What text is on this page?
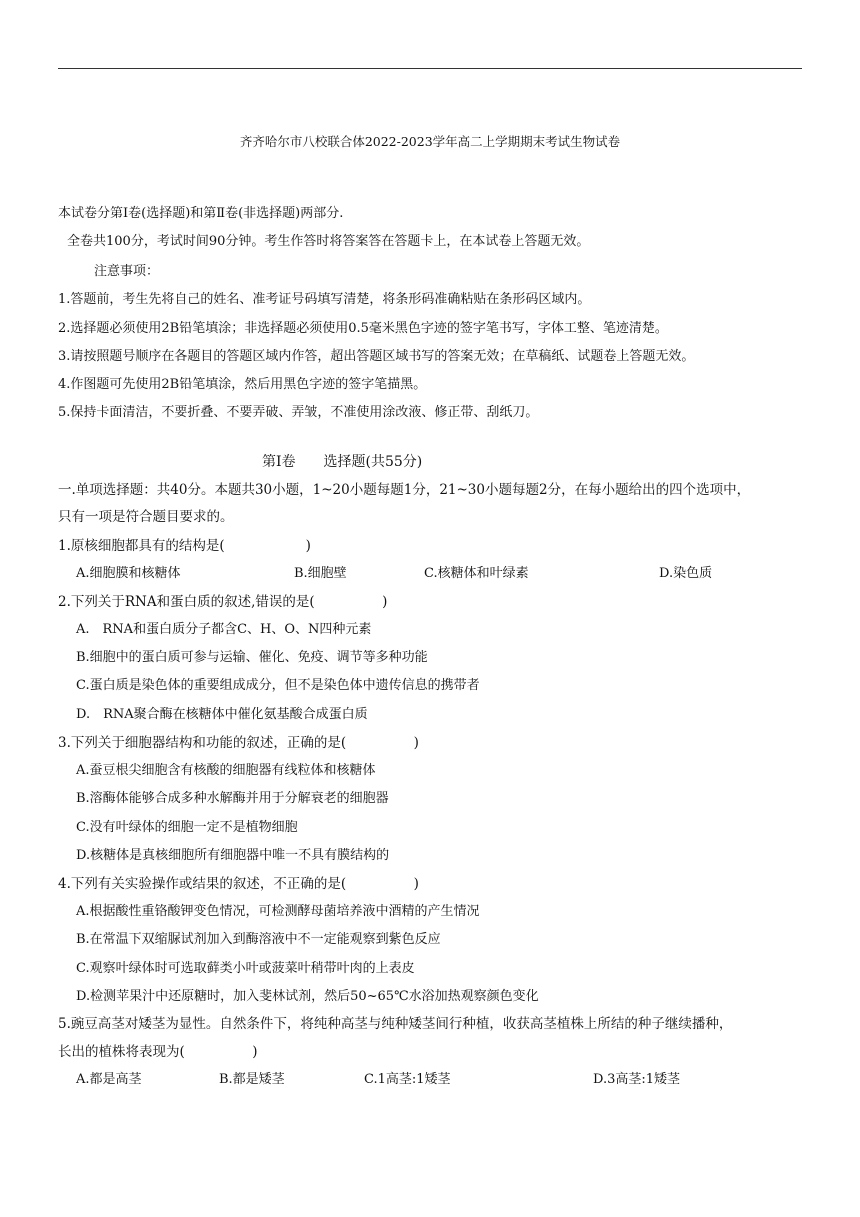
齐齐哈尔市八校联合体2022-2023学年高二上学期期末考试生物试卷
本试卷分第Ⅰ卷(选择题)和第Ⅱ卷(非选择题)两部分.
全卷共100分，考试时间90分钟。考生作答时将答案答在答题卡上，在本试卷上答题无效。
注意事项：
1.答题前，考生先将自己的姓名、准考证号码填写清楚，将条形码准确粘贴在条形码区域内。
2.选择题必须使用2B铅笔填涂；非选择题必须使用0.5毫米黑色字迹的签字笔书写，字体工整、笔迹清楚。
3.请按照题号顺序在各题目的答题区域内作答，超出答题区域书写的答案无效；在草稿纸、试题卷上答题无效。
4.作图题可先使用2B铅笔填涂，然后用黑色字迹的签字笔描黑。
5.保持卡面清洁，不要折叠、不要弄破、弄皱，不准使用涂改液、修正带、刮纸刀。
第Ⅰ卷　　选择题(共55分)
一.单项选择题：共40分。本题共30小题，1~20小题每题1分，21~30小题每题2分，在每小题给出的四个选项中，
只有一项是符合题目要求的。
1.原核细胞都具有的结构是(　　　　　　)
A.细胞膜和核糖体	B.细胞壁	C.核糖体和叶绿素	D.染色质
2.下列关于RNA和蛋白质的叙述,错误的是(　　　　　)
A.　RNA和蛋白质分子都含C、H、O、N四种元素
B.细胞中的蛋白质可参与运输、催化、免疫、调节等多种功能
C.蛋白质是染色体的重要组成成分，但不是染色体中遗传信息的携带者
D.　RNA聚合酶在核糖体中催化氨基酸合成蛋白质
3.下列关于细胞器结构和功能的叙述，正确的是(　　　　　)
A.蚕豆根尖细胞含有核酸的细胞器有线粒体和核糖体
B.溶酶体能够合成多种水解酶并用于分解衰老的细胞器
C.没有叶绿体的细胞一定不是植物细胞
D.核糖体是真核细胞所有细胞器中唯一不具有膜结构的
4.下列有关实验操作或结果的叙述，不正确的是(　　　　　)
A.根据酸性重铬酸钾变色情况，可检测酵母菌培养液中酒精的产生情况
B.在常温下双缩脲试剂加入到酶溶液中不一定能观察到紫色反应
C.观察叶绿体时可选取藓类小叶或菠菜叶稍带叶肉的上表皮
D.检测苹果汁中还原糖时，加入斐林试剂，然后50~65℃水浴加热观察颜色变化
5.豌豆高茎对矮茎为显性。自然条件下，将纯种高茎与纯种矮茎间行种植，收获高茎植株上所结的种子继续播种，
长出的植株将表现为(　　　　　)
A.都是高茎	B.都是矮茎	C.1高茎:1矮茎	D.3高茎:1矮茎
